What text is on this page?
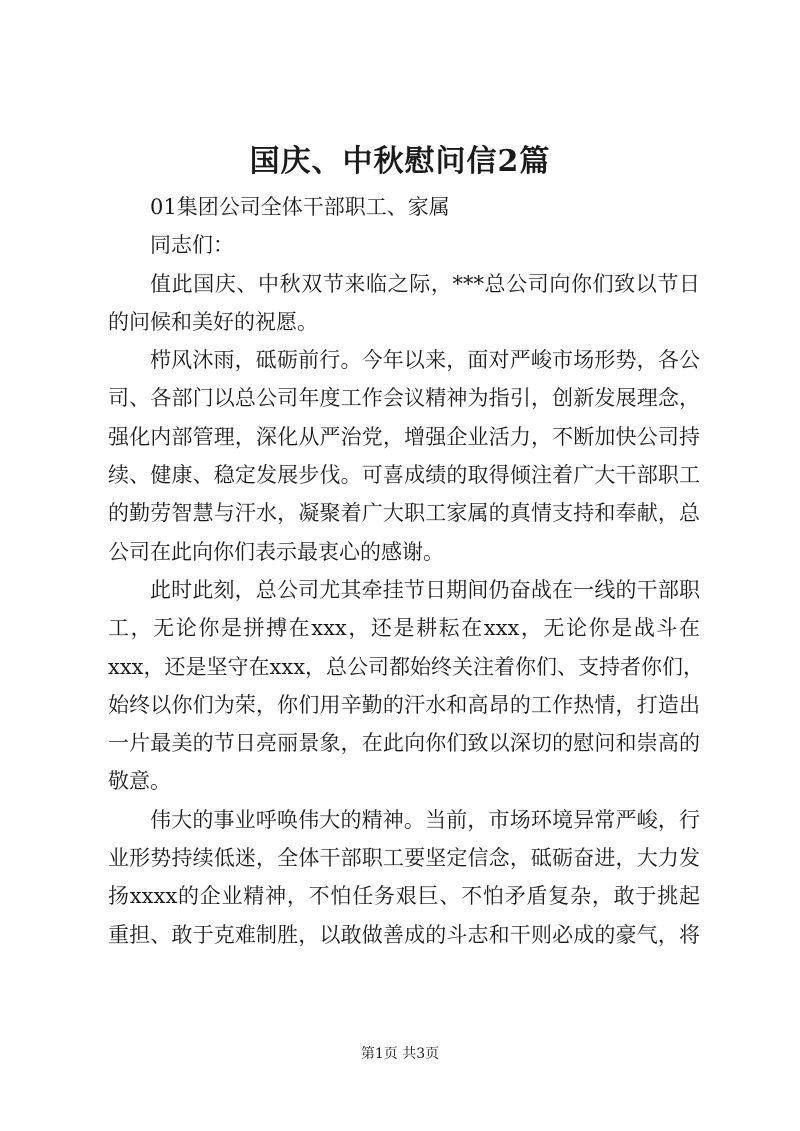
国庆、中秋慰问信2篇
01集团公司全体干部职工、家属
同志们：
值此国庆、中秋双节来临之际，***总公司向你们致以节日
的问候和美好的祝愿。
栉风沐雨，砥砺前行。今年以来，面对严峻市场形势，各公
司、各部门以总公司年度工作会议精神为指引，创新发展理念，
强化内部管理，深化从严治党，增强企业活力，不断加快公司持
续、健康、稳定发展步伐。可喜成绩的取得倾注着广大干部职工
的勤劳智慧与汗水，凝聚着广大职工家属的真情支持和奉献，总
公司在此向你们表示最衷心的感谢。
此时此刻，总公司尤其牵挂节日期间仍奋战在一线的干部职
工，无论你是拼搏在xxx，还是耕耘在xxx，无论你是战斗在
xxx，还是坚守在xxx，总公司都始终关注着你们、支持者你们，
始终以你们为荣，你们用辛勤的汗水和高昂的工作热情，打造出
一片最美的节日亮丽景象，在此向你们致以深切的慰问和崇高的
敬意。
伟大的事业呼唤伟大的精神。当前，市场环境异常严峻，行
业形势持续低迷，全体干部职工要坚定信念，砥砺奋进，大力发
扬xxxx的企业精神，不怕任务艰巨、不怕矛盾复杂，敢于挑起
重担、敢于克难制胜，以敢做善成的斗志和干则必成的豪气，将
第1页 共3页
